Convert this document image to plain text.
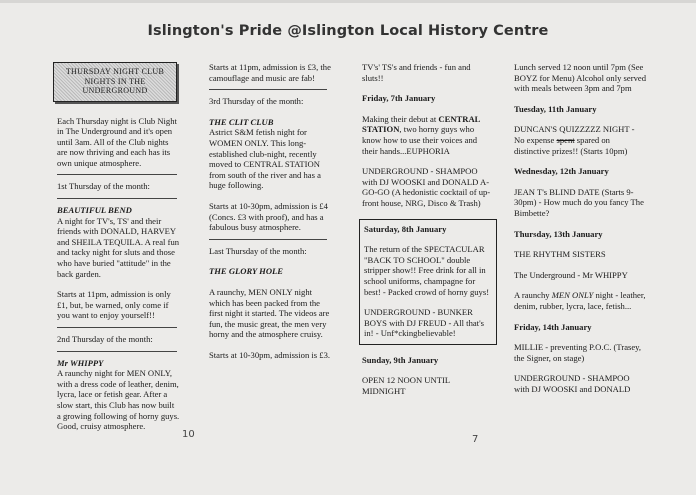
Islington's Pride @Islington Local History Centre
THURSDAY NIGHT CLUB
NIGHTS IN THE
UNDERGROUND

Each Thursday night is Club Night in The Underground and it's open until 3am. All of the Club nights are now thriving and each has its own unique atmosphere.

1st Thursday of the month:

BEAUTIFUL BEND

A night for TV's, TS' and their friends with DONALD, HARVEY and SHEILA TEQUILA. A real fun and tacky night for sluts and those who have buried "attitude" in the back garden.

Starts at 11pm, admission is only £1, but, be warned, only come if you want to enjoy yourself!!

2nd Thursday of the month:

Mr WHIPPY

A raunchy night for MEN ONLY, with a dress code of leather, denim, lycra, lace or fetish gear. After a slow start, this Club has now built a growing following of horny guys. Good, cruisy atmosphere.

Starts at 11pm, admission is £3, the camouflage and music are fab!

3rd Thursday of the month:

THE CLIT CLUB

Astrict S&M fetish night for WOMEN ONLY. This long-established club-night, recently moved to CENTRAL STATION from south of the river and has a huge following.

Starts at 10-30pm, admission is £4 (Concs. £3 with proof), and has a fabulous busy atmosphere.

Last Thursday of the month:

THE GLORY HOLE

A raunchy, MEN ONLY night which has been packed from the first night it started. The videos are fun, the music great, the men very horny and the atmosphere cruisy.

Starts at 10-30pm, admission is £3.

TV's' TS's and friends - fun and sluts!!

Friday, 7th January

Making their debut at CENTRAL STATION, two horny guys who know how to use their voices and their hands...EUPHORIA

UNDERGROUND - SHAMPOO with DJ WOOSKI and DONALD A-GO-GO (A hedonistic cocktail of up-front house, NRG, Disco & Trash)

Saturday, 8th January

The return of the SPECTACULAR "BACK TO SCHOOL" double stripper show!! Free drink for all in school uniforms, champagne for best! - Packed crowd of horny guys!

UNDERGROUND - BUNKER BOYS with DJ FREUD - All that's in! - Unf*ckingbelievable!

Sunday, 9th January

OPEN 12 NOON UNTIL MIDNIGHT

Lunch served 12 noon until 7pm (See BOYZ for Menu) Alcohol only served with meals between 3pm and 7pm

Tuesday, 11th January

DUNCAN'S QUIZZZZZ NIGHT - No expense spent spared on distinctive prizes!! (Starts 10pm)

Wednesday, 12th January

JEAN T's BLIND DATE (Starts 9-30pm) - How much do you fancy The Bimbette?

Thursday, 13th January

THE RHYTHM SISTERS

The Underground - Mr WHIPPY

A raunchy MEN ONLY night - leather, denim, rubber, lycra, lace, fetish...

Friday, 14th January

MILLIE - preventing P.O.C. (Trasey, the Signer, on stage)

UNDERGROUND - SHAMPOO with DJ WOOSKI and DONALD

10	7
